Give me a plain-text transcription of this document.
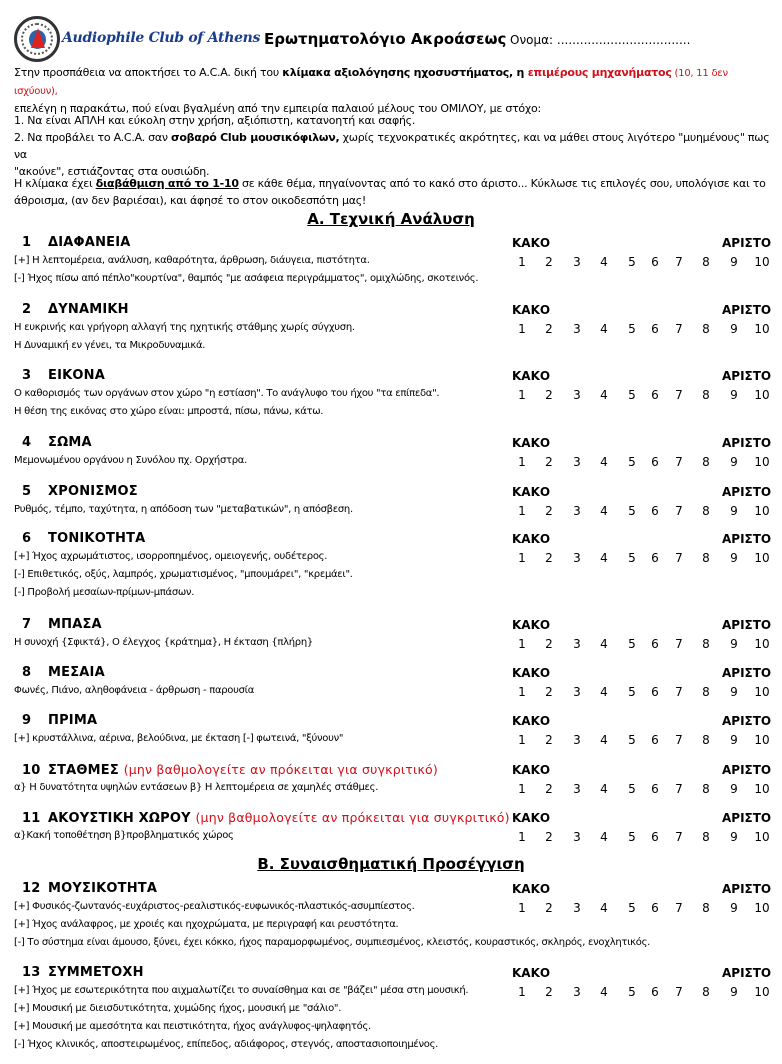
Audiophile Club of Athens Ερωτηματολόγιο Ακροάσεως Ονομα: ...................................
Στην προσπάθεια να αποκτήσει το Α.C.A. δική του κλίμακα αξιολόγησης ηχοσυστήματος, η επιμέρους μηχανήματος (10, 11 δεν ισχύουν),
επελέγη η παρακάτω, πού είναι βγαλμένη από την εμπειρία παλαιού μέλους του ΟΜΙΛΟΥ, με στόχο:
1. Να είναι ΑΠΛΗ και εύκολη στην χρήση, αξιόπιστη, κατανοητή και σαφής.
2. Να προβάλει το A.C.A. σαν σοβαρό Club μουσικόφιλων, χωρίς τεχνοκρατικές ακρότητες, και να μάθει στους λιγότερο "μυημένους" πως να
"ακούνε", εστιάζοντας στα ουσιώδη.
Η κλίμακα έχει διαβάθμιση από το 1-10 σε κάθε θέμα, πηγαίνοντας από το κακό στο άριστο... Κύκλωσε τις επιλογές σου, υπολόγισε και το
άθροισμα, (αν δεν βαριέσαι), και άφησέ το στον οικοδεσπότη μας!
Α. Τεχνική Ανάλυση
1 ΔΙΑΦΑΝΕΙΑ
[+] Η λεπτομέρεια, ανάλυση, καθαρότητα, άρθρωση, διάυγεια, πιστότητα.
[-] Ήχος πίσω από πέπλο"κουρτίνα", θαμπός "με ασάφεια περιγράμματος", ομιχλώδης, σκοτεινός.
ΚΑΚΟ	ΑΡΙΣΤΟ
1	2	3	4	5	6	7	8	9	10
2 ΔΥΝΑΜΙΚΗ
Η ευκρινής και γρήγορη αλλαγή της ηχητικής στάθμης χωρίς σύγχυση.
Η Δυναμική εν γένει, τα Μικροδυναμικά.
ΚΑΚΟ	ΑΡΙΣΤΟ
1	2	3	4	5	6	7	8	9	10
3 ΕΙΚΟΝΑ
Ο καθορισμός των οργάνων στον χώρο "η εστίαση". Το ανάγλυφο του ήχου "τα επίπεδα".
Η θέση της εικόνας στο χώρο είναι: μπροστά, πίσω, πάνω, κάτω.
ΚΑΚΟ	ΑΡΙΣΤΟ
1	2	3	4	5	6	7	8	9	10
4 ΣΩΜΑ
Μεμονωμένου οργάνου η Συνόλου πχ. Ορχήστρα.
ΚΑΚΟ	ΑΡΙΣΤΟ
1	2	3	4	5	6	7	8	9	10
5 ΧΡΟΝΙΣΜΟΣ
Ρυθμός, τέμπο, ταχύτητα, η απόδοση των "μεταβατικών", η απόσβεση.
ΚΑΚΟ	ΑΡΙΣΤΟ
1	2	3	4	5	6	7	8	9	10
6 ΤΟΝΙΚΟΤΗΤΑ
[+] Ήχος αχρωμάτιστος, ισορροπημένος, ομειογενής, ουδέτερος.
[-] Επιθετικός, οξύς, λαμπρός, χρωματισμένος, "μπουμάρει", "κρεμάει".
[-] Προβολή μεσαίων-πρίμων-μπάσων.
ΚΑΚΟ	ΑΡΙΣΤΟ
1	2	3	4	5	6	7	8	9	10
7 ΜΠΑΣΑ
Η συνοχή {Σφικτά}, Ο έλεγχος {κράτημα}, Η έκταση {πλήρη}
ΚΑΚΟ	ΑΡΙΣΤΟ
1	2	3	4	5	6	7	8	9	10
8 ΜΕΣΑΙΑ
Φωνές, Πιάνο, αληθοφάνεια - άρθρωση - παρουσία
ΚΑΚΟ	ΑΡΙΣΤΟ
1	2	3	4	5	6	7	8	9	10
9 ΠΡΙΜΑ
[+] κρυστάλλινα, αέρινα, βελούδινα, με έκταση [-] φωτεινά, "ξύνουν"
ΚΑΚΟ	ΑΡΙΣΤΟ
1	2	3	4	5	6	7	8	9	10
10 ΣΤΑΘΜΕΣ (μην βαθμολογείτε αν πρόκειται για συγκριτικό)
α} Η δυνατότητα υψηλών εντάσεων β} Η λεπτομέρεια σε χαμηλές στάθμες.
ΚΑΚΟ	ΑΡΙΣΤΟ
1	2	3	4	5	6	7	8	9	10
11 ΑΚΟΥΣΤΙΚΗ ΧΩΡΟΥ (μην βαθμολογείτε αν πρόκειται για συγκριτικό)
α}Κακή τοποθέτηση β}προβληματικός χώρος
ΚΑΚΟ	ΑΡΙΣΤΟ
1	2	3	4	5	6	7	8	9	10
12 ΜΟΥΣΙΚΟΤΗΤΑ
[+] Φυσικός-ζωντανός-ευχάριστος-ρεαλιστικός-ευφωνικός-πλαστικός-ασυμπίεστος.
[+] Ήχος ανάλαφρος, με χροιές και ηχοχρώματα, με περιγραφή και ρευστότητα.
[-] Το σύστημα είναι άμουσο, ξύνει, έχει κόκκο, ήχος παραμορφωμένος, συμπιεσμένος, κλειστός, κουραστικός, σκληρός, ενοχλητικός.
ΚΑΚΟ	ΑΡΙΣΤΟ
1	2	3	4	5	6	7	8	9	10
13 ΣΥΜΜΕΤΟΧΗ
[+] Ήχος με εσωτερικότητα που αιχμαλωτίζει το συναίσθημα και σε "βάζει" μέσα στη μουσική.
[+] Μουσική με διεισδυτικότητα, χυμώδης ήχος, μουσική με "σάλιο".
[+] Μουσική με αμεσότητα και πειστικότητα, ήχος ανάγλυφος-ψηλαφητός.
[-] Ήχος κλινικός, αποστειρωμένος, επίπεδος, αδιάφορος, στεγνός, αποστασιοποιημένος.
ΚΑΚΟ	ΑΡΙΣΤΟ
1	2	3	4	5	6	7	8	9	10
Β. Συναισθηματική Προσέγγιση
